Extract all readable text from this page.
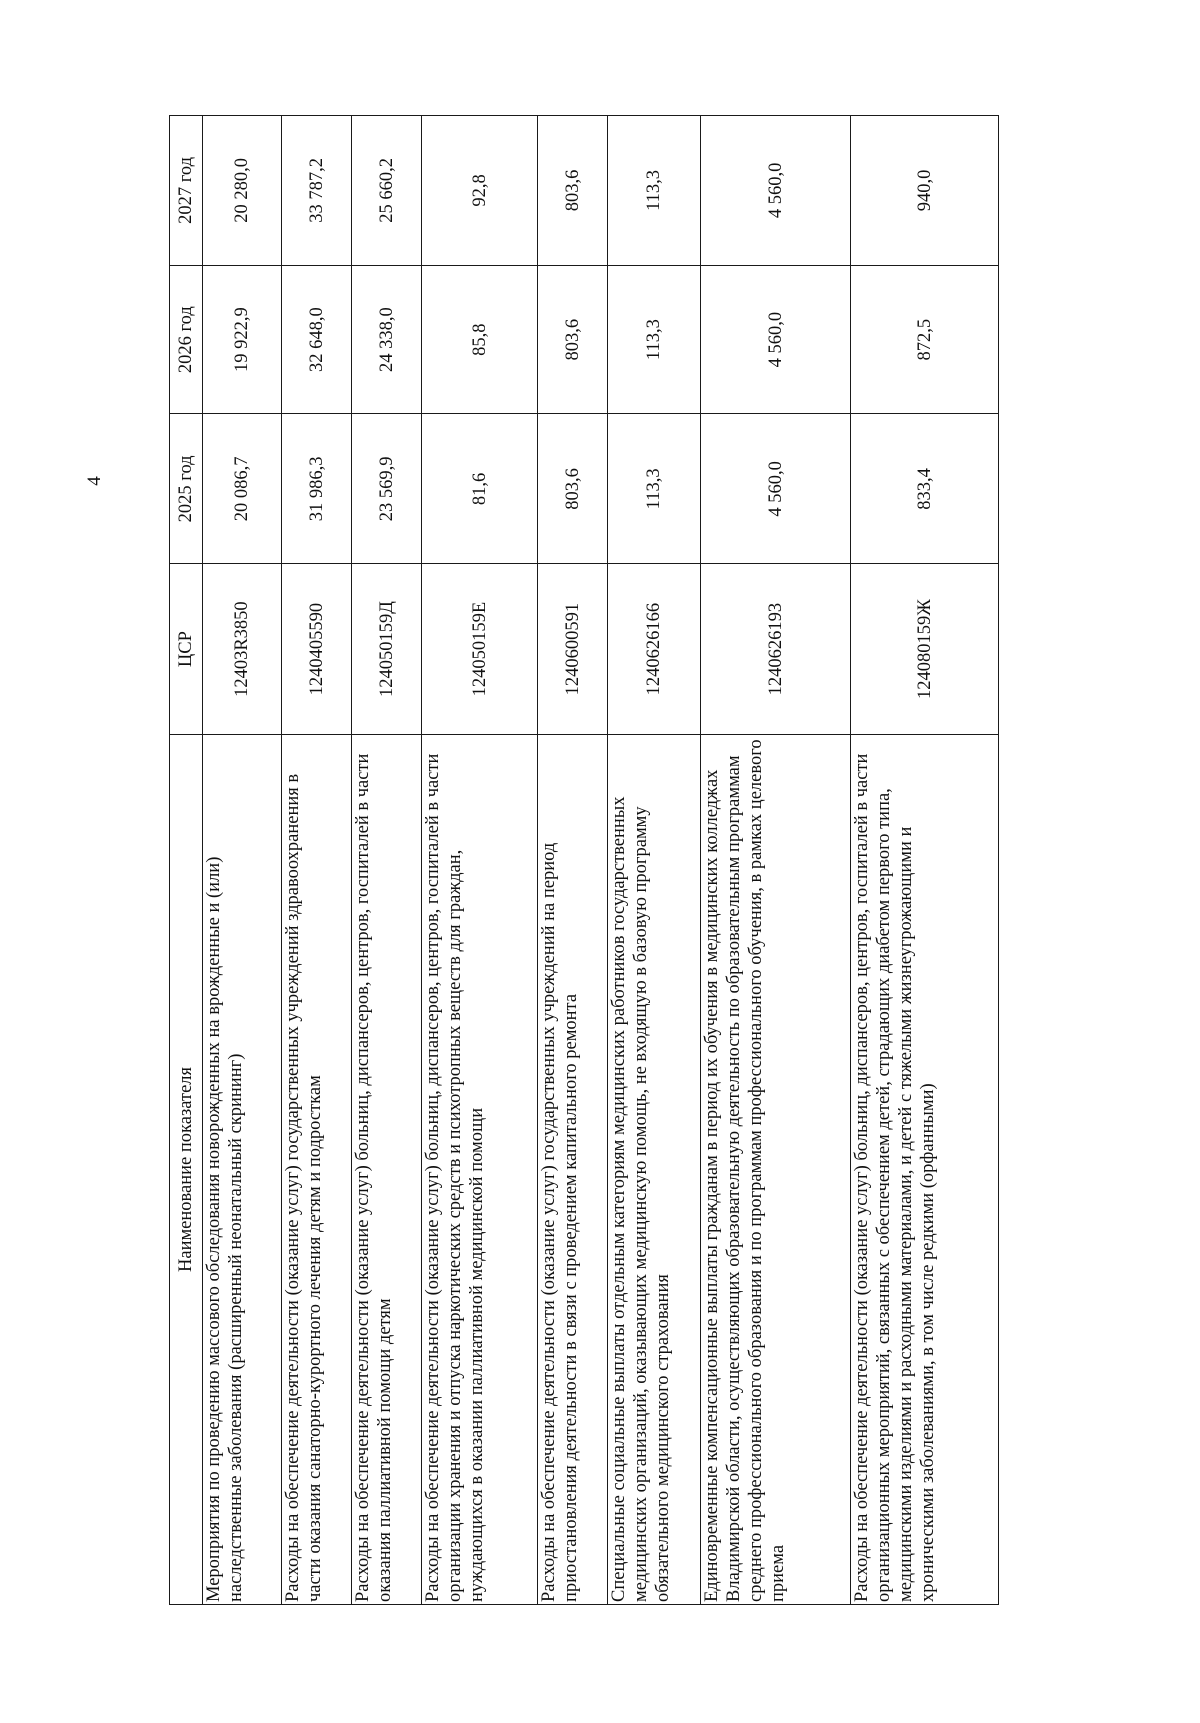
4
Наименование показателя	ЦСР	2025 год	2026 год	2027 год
Мероприятия по проведению массового обследования новорожденных на врожденные и (или) наследственные заболевания (расширенный неонатальный скрининг)	12403R3850	20 086,7	19 922,9	20 280,0
Расходы на обеспечение деятельности (оказание услуг) государственных учреждений здравоохранения в части оказания санаторно-курортного лечения детям и подросткам	1240405590	31 986,3	32 648,0	33 787,2
Расходы на обеспечение деятельности (оказание услуг) больниц, диспансеров, центров, госпиталей в части оказания паллиативной помощи детям	124050159Д	23 569,9	24 338,0	25 660,2
Расходы на обеспечение деятельности (оказание услуг) больниц, диспансеров, центров, госпиталей в части организации хранения и отпуска наркотических средств и психотропных веществ для граждан, нуждающихся в оказании паллиативной медицинской помощи	124050159Е	81,6	85,8	92,8
Расходы на обеспечение деятельности (оказание услуг) государственных учреждений на период приостановления деятельности в связи с проведением капитального ремонта	1240600591	803,6	803,6	803,6
Специальные социальные выплаты отдельным категориям медицинских работников государственных медицинских организаций, оказывающих медицинскую помощь, не входящую в базовую программу обязательного медицинского страхования	1240626166	113,3	113,3	113,3
Единовременные компенсационные выплаты гражданам в период их обучения в медицинских колледжах Владимирской области, осуществляющих образовательную деятельность по образовательным программам среднего профессионального образования и по программам профессионального обучения, в рамках целевого приема	1240626193	4 560,0	4 560,0	4 560,0
Расходы на обеспечение деятельности (оказание услуг) больниц, диспансеров, центров, госпиталей в части организационных мероприятий, связанных с обеспечением детей, страдающих диабетом первого типа, медицинскими изделиями и расходными материалами, и детей с тяжелыми жизнеугрожающими и хроническими заболеваниями, в том числе редкими (орфанными)	124080159Ж	833,4	872,5	940,0
